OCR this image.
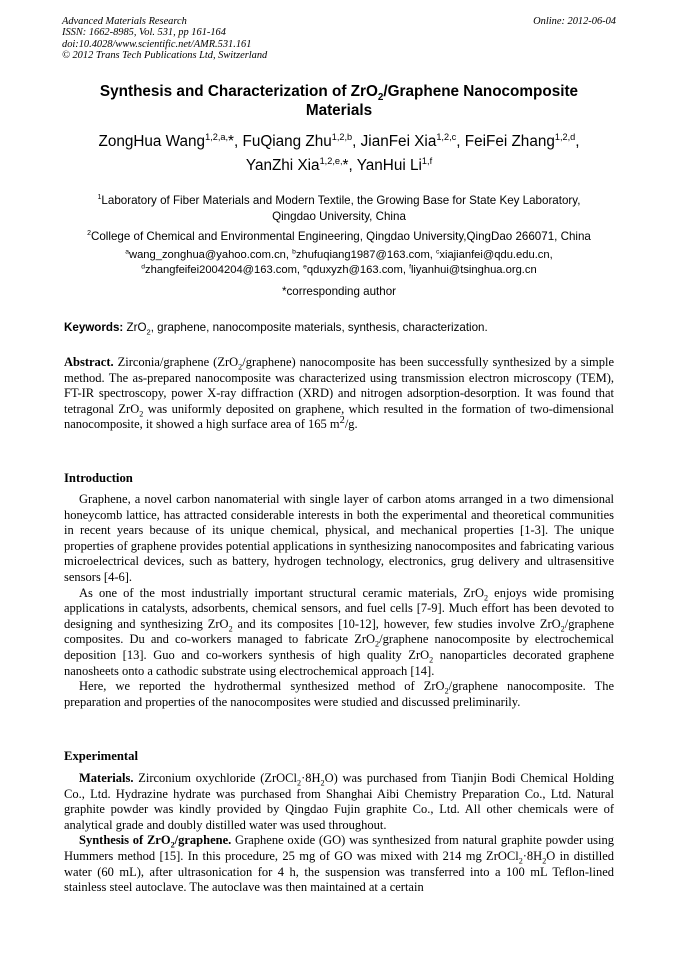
Advanced Materials Research
ISSN: 1662-8985, Vol. 531, pp 161-164
doi:10.4028/www.scientific.net/AMR.531.161
© 2012 Trans Tech Publications Ltd, Switzerland
Online: 2012-06-04
Synthesis and Characterization of ZrO$_2$/Graphene Nanocomposite
Materials
ZongHua Wang$^{1,2,a,}$*, FuQiang Zhu$^{1,2,b}$, JianFei Xia$^{1,2,c}$, FeiFei Zhang$^{1,2,d}$,
YanZhi Xia$^{1,2,e,}$*, YanHui Li$^{1,f}$
$^1$Laboratory of Fiber Materials and Modern Textile, the Growing Base for State Key Laboratory,
Qingdao University, China
$^2$College of Chemical and Environmental Engineering, Qingdao University,QingDao 266071, China
$^a$wang_zonghua@yahoo.com.cn, $^b$zhufuqiang1987@163.com, $^c$xiajianfei@qdu.edu.cn,
$^d$zhangfeifei2004204@163.com, $^e$qduxyzh@163.com, $^f$liyanhui@tsinghua.org.cn
*corresponding author
Keywords: ZrO$_2$, graphene, nanocomposite materials, synthesis, characterization.

Abstract. Zirconia/graphene (ZrO$_2$/graphene) nanocomposite has been successfully synthesized by a simple method. The as-prepared nanocomposite was characterized using transmission electron microscopy (TEM), FT-IR spectroscopy, power X-ray diffraction (XRD) and nitrogen adsorption-desorption. It was found that tetragonal ZrO$_2$ was uniformly deposited on graphene, which resulted in the formation of two-dimensional nanocomposite, it showed a high surface area of 165 $m^2/g$.

Introduction

Graphene, a novel carbon nanomaterial with single layer of carbon atoms arranged in a two dimensional honeycomb lattice, has attracted considerable interests in both the experimental and theoretical communities in recent years because of its unique chemical, physical, and mechanical properties [1-3]. The unique properties of graphene provides potential applications in synthesizing nanocomposites and fabricating various microelectrical devices, such as battery, hydrogen technology, electronics, grug delivery and ultrasensitive sensors [4-6].

As one of the most industrially important structural ceramic materials, ZrO$_2$ enjoys wide promising applications in catalysts, adsorbents, chemical sensors, and fuel cells [7-9]. Much effort has been devoted to designing and synthesizing ZrO$_2$ and its composites [10-12], however, few studies involve ZrO$_2$/graphene composites. Du and co-workers managed to fabricate ZrO$_2$/graphene nanocomposite by electrochemical deposition [13]. Guo and co-workers synthesis of high quality ZrO$_2$ nanoparticles decorated graphene nanosheets onto a cathodic substrate using electrochemical approach [14].

Here, we reported the hydrothermal synthesized method of ZrO$_2$/graphene nanocomposite. The preparation and properties of the nanocomposites were studied and discussed preliminarily.

Experimental

Materials. Zirconium oxychloride $(ZrOCl_2\cdot 8H_2O)$ was purchased from Tianjin Bodi Chemical Holding Co., Ltd. Hydrazine hydrate was purchased from Shanghai Aibi Chemistry Preparation Co., Ltd. Natural graphite powder was kindly provided by Qingdao Fujin graphite Co., Ltd. All other chemicals were of analytical grade and doubly distilled water was used throughout.

Synthesis of ZrO$_2$/graphene. Graphene oxide (GO) was synthesized from natural graphite powder using Hummers method [15]. In this procedure, 25 mg of GO was mixed with 214 mg $ZrOCl_2\cdot 8H_2O$ in distilled water (60 mL), after ultrasonication for 4 h, the suspension was transferred into a 100 mL Teflon-lined stainless steel autoclave. The autoclave was then maintained at a certain
